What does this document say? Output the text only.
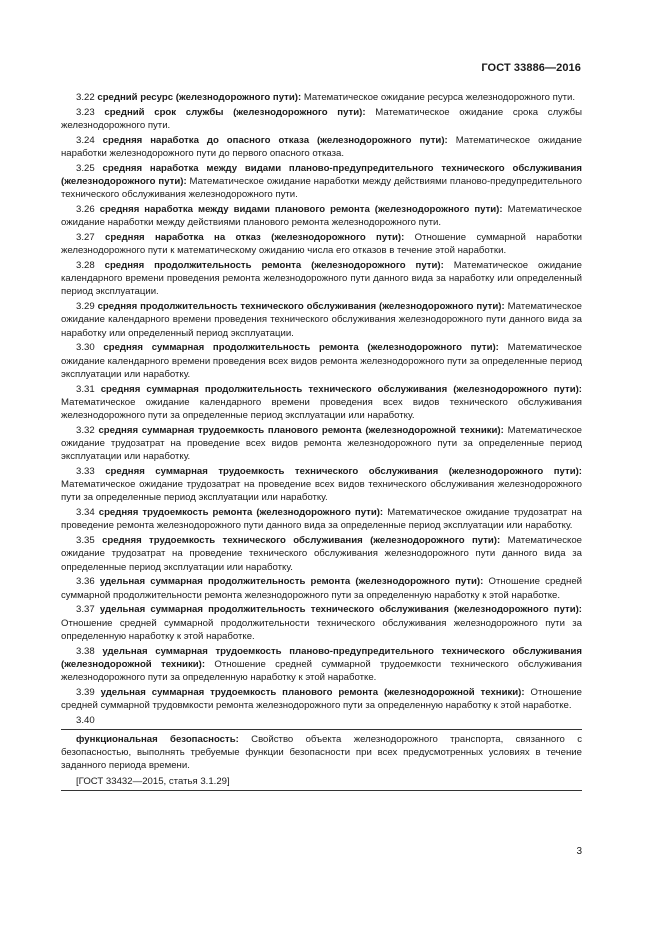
ГОСТ 33886—2016

3.22 средний ресурс (железнодорожного пути): Математическое ожидание ресурса железнодорожного пути.

3.23 средний срок службы (железнодорожного пути): Математическое ожидание срока службы железнодорожного пути.

3.24 средняя наработка до опасного отказа (железнодорожного пути): Математическое ожидание наработки железнодорожного пути до первого опасного отказа.

3.25 средняя наработка между видами планово-предупредительного технического обслуживания (железнодорожного пути): Математическое ожидание наработки между действиями планово-предупредительного технического обслуживания железнодорожного пути.

3.26 средняя наработка между видами планового ремонта (железнодорожного пути): Математическое ожидание наработки между действиями планового ремонта железнодорожного пути.

3.27 средняя наработка на отказ (железнодорожного пути): Отношение суммарной наработки железнодорожного пути к математическому ожиданию числа его отказов в течение этой наработки.

3.28 средняя продолжительность ремонта (железнодорожного пути): Математическое ожидание календарного времени проведения ремонта железнодорожного пути данного вида за наработку или определенный период эксплуатации.

3.29 средняя продолжительность технического обслуживания (железнодорожного пути): Математическое ожидание календарного времени проведения технического обслуживания железнодорожного пути данного вида за наработку или определенный период эксплуатации.

3.30 средняя суммарная продолжительность ремонта (железнодорожного пути): Математическое ожидание календарного времени проведения всех видов ремонта железнодорожного пути за определенные период эксплуатации или наработку.

3.31 средняя суммарная продолжительность технического обслуживания (железнодорожного пути): Математическое ожидание календарного времени проведения всех видов технического обслуживания железнодорожного пути за определенные период эксплуатации или наработку.

3.32 средняя суммарная трудоемкость планового ремонта (железнодорожной техники): Математическое ожидание трудозатрат на проведение всех видов ремонта железнодорожного пути за определенные период эксплуатации или наработку.

3.33 средняя суммарная трудоемкость технического обслуживания (железнодорожного пути): Математическое ожидание трудозатрат на проведение всех видов технического обслуживания железнодорожного пути за определенные период эксплуатации или наработку.

3.34 средняя трудоемкость ремонта (железнодорожного пути): Математическое ожидание трудозатрат на проведение ремонта железнодорожного пути данного вида за определенные период эксплуатации или наработку.

3.35 средняя трудоемкость технического обслуживания (железнодорожного пути): Математическое ожидание трудозатрат на проведение технического обслуживания железнодорожного пути данного вида за определенные период эксплуатации или наработку.

3.36 удельная суммарная продолжительность ремонта (железнодорожного пути): Отношение средней суммарной продолжительности ремонта железнодорожного пути за определенную наработку к этой наработке.

3.37 удельная суммарная продолжительность технического обслуживания (железнодорожного пути): Отношение средней суммарной продолжительности технического обслуживания железнодорожного пути за определенную наработку к этой наработке.

3.38 удельная суммарная трудоемкость планово-предупредительного технического обслуживания (железнодорожной техники): Отношение средней суммарной трудоемкости технического обслуживания железнодорожного пути за определенную наработку к этой наработке.

3.39 удельная суммарная трудоемкость планового ремонта (железнодорожной техники): Отношение средней суммарной трудовмкости ремонта железнодорожного пути за определенную наработку к этой наработке.

3.40

функциональная безопасность: Свойство объекта железнодорожного транспорта, связанного с безопасностью, выполнять требуемые функции безопасности при всех предусмотренных условиях в течение заданного периода времени.

[ГОСТ 33432—2015, статья 3.1.29]

3
